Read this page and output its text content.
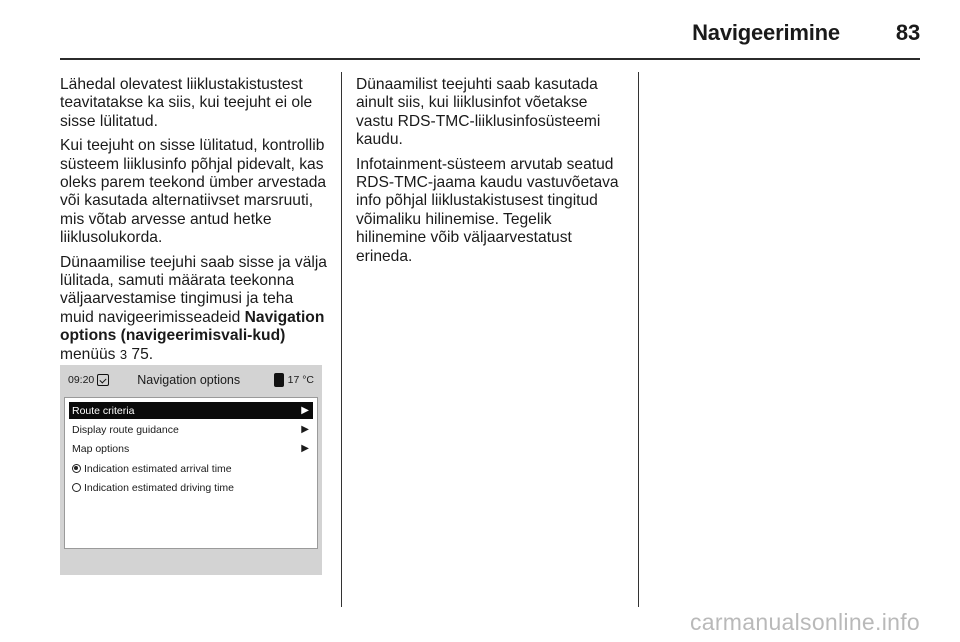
Navigeerimine	83

Lähedal olevatest liiklustakistustest teavitatakse ka siis, kui teejuht ei ole sisse lülitatud.

Kui teejuht on sisse lülitatud, kontrollib süsteem liiklusinfo põhjal pidevalt, kas oleks parem teekond ümber arvestada või kasutada alternatiivset marsruuti, mis võtab arvesse antud hetke liiklusolukorda.

Dünaamilise teejuhi saab sisse ja välja lülitada, samuti määrata teekonna väljaarvestamise tingimusi ja teha muid navigeerimisseadeid Navigation options (navigeerimisvali-kud) menüüs 3 75.

09:20	Navigation options	17 °C
Route criteria	▶
Display route guidance	▶
Map options	▶
Indication estimated arrival time
Indication estimated driving time

Dünaamilist teejuhti saab kasutada ainult siis, kui liiklusinfot võetakse vastu RDS-TMC-liiklusinfosüsteemi kaudu.

Infotainment-süsteem arvutab seatud RDS-TMC-jaama kaudu vastuvõetava info põhjal liiklustakistusest tingitud võimaliku hilinemise. Tegelik hilinemine võib väljaarvestatust erineda.

carmanualsonline.info
